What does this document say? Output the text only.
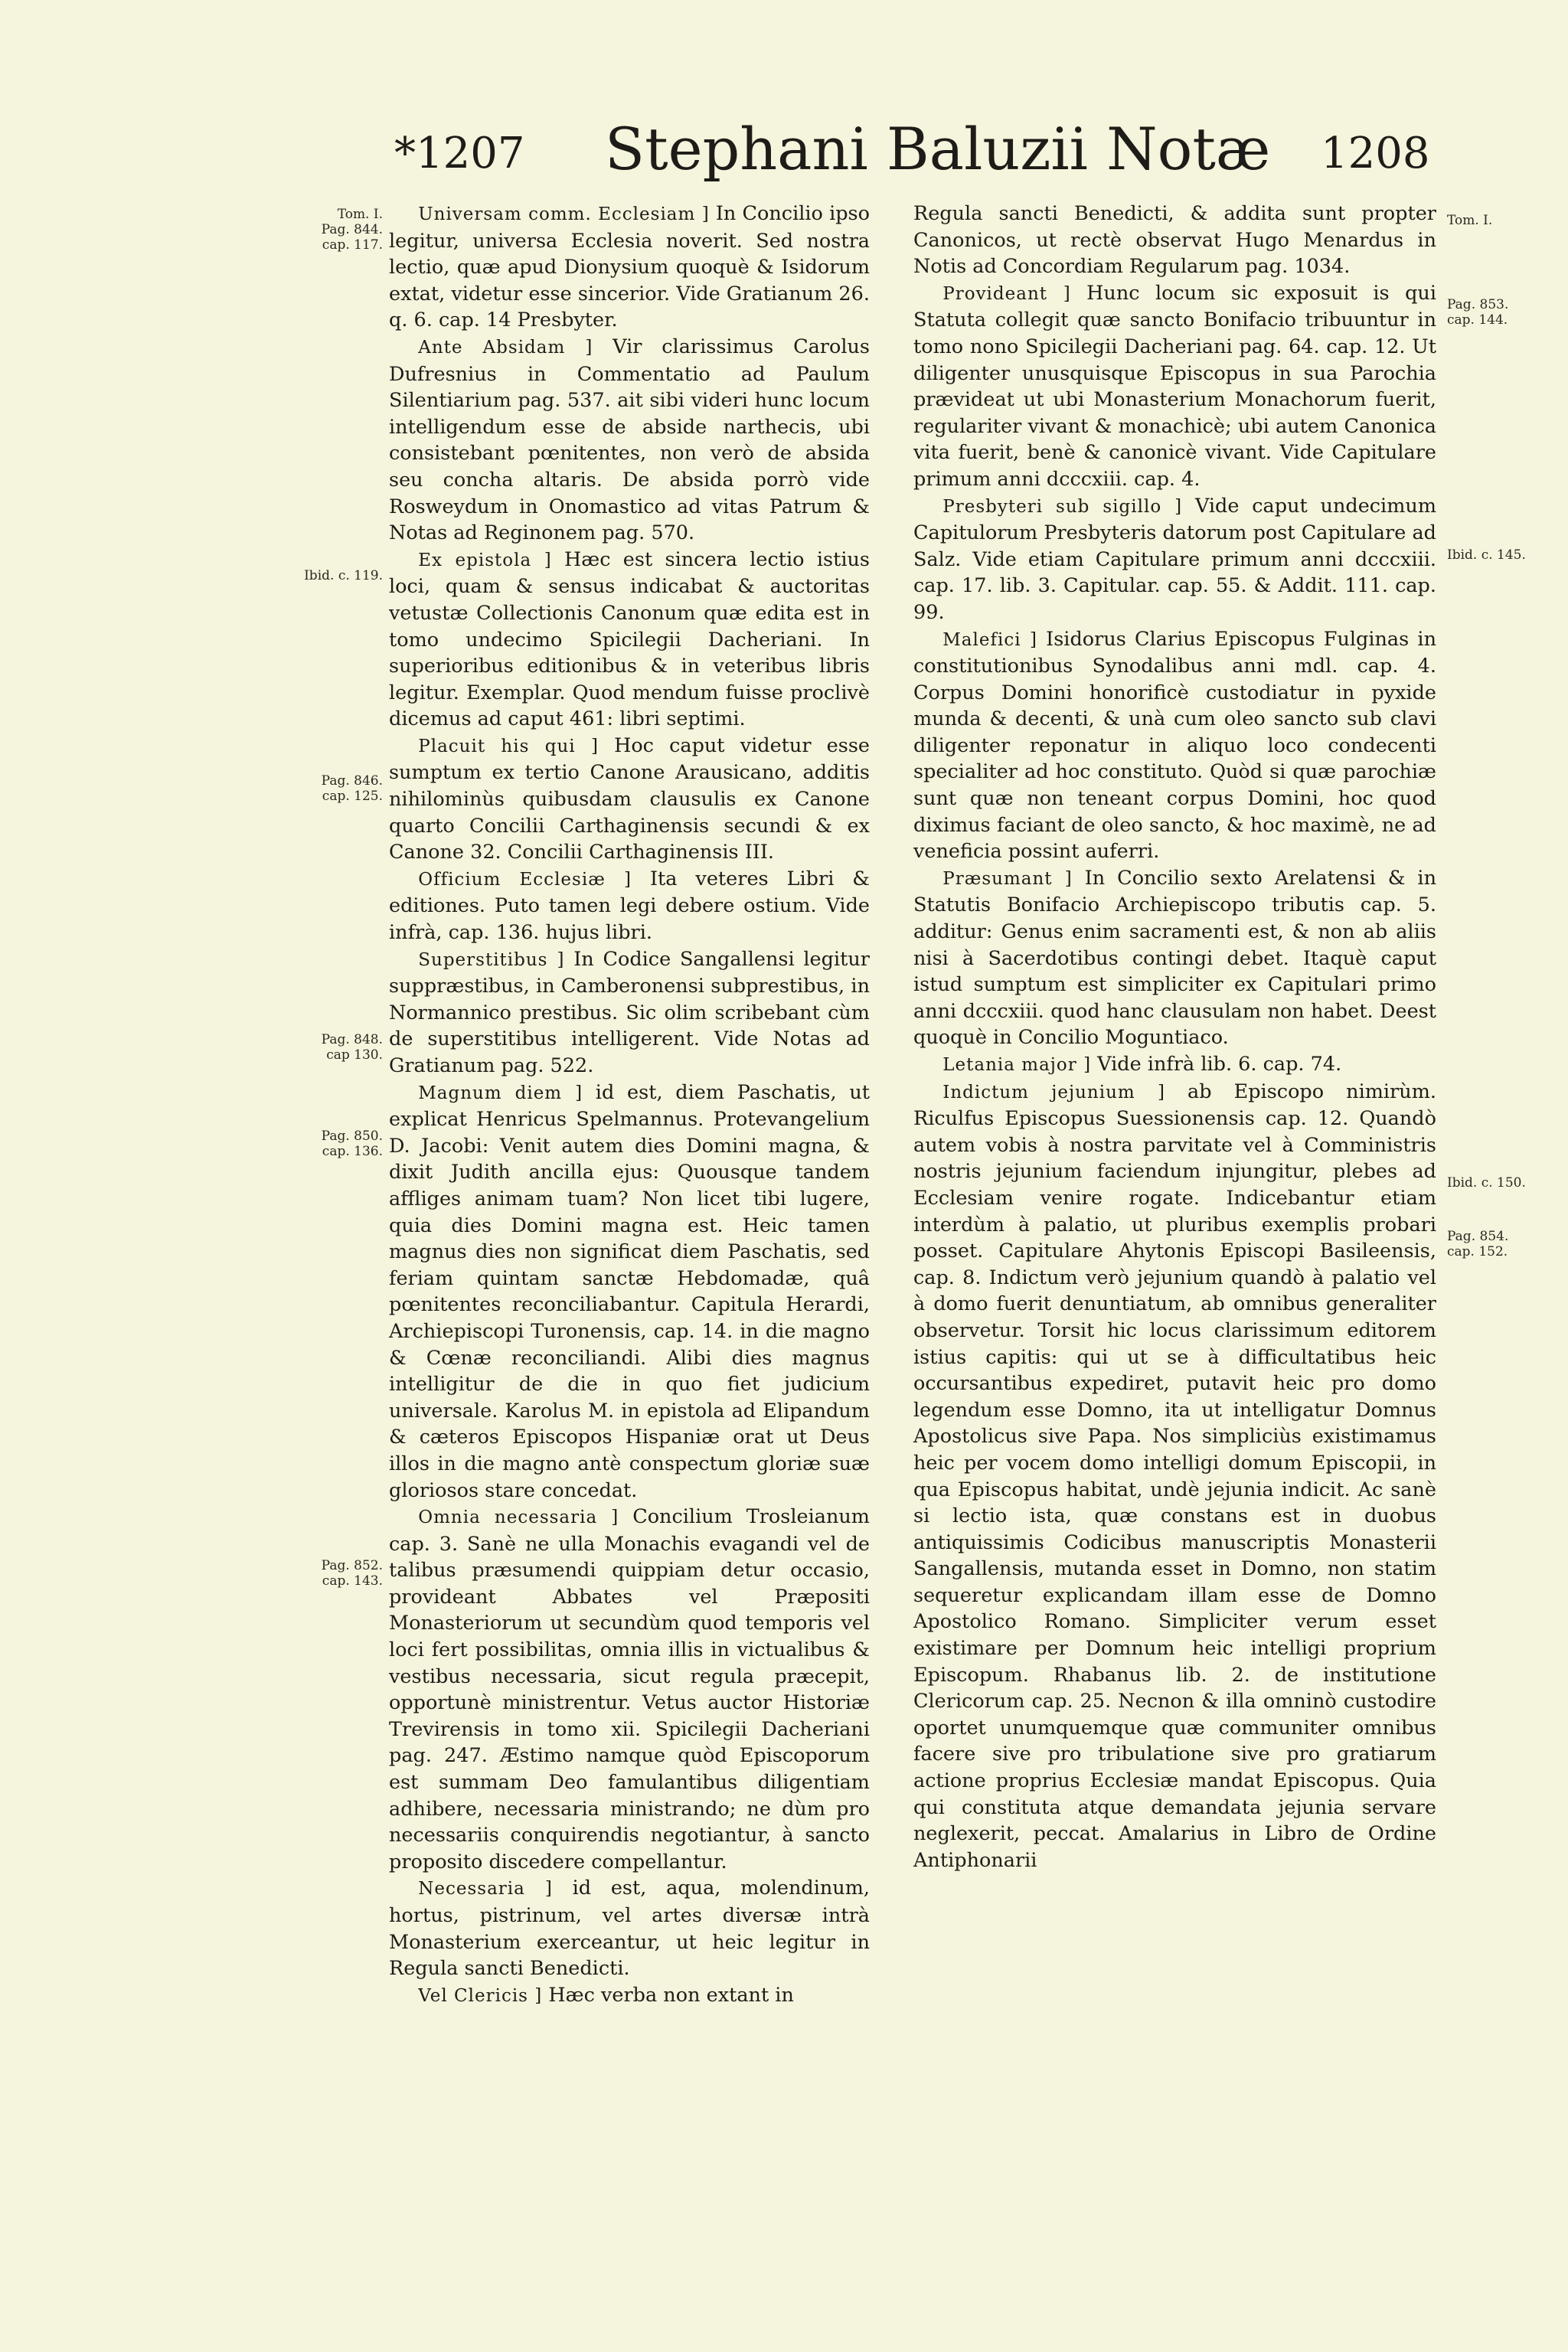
*1207 Stephani Baluzii Notæ 1208
Tom. I.
Pag. 844.
cap. 117.
Ibid. c. 119.
Pag. 846.
cap. 125.
Pag. 848.
cap 130.
Pag. 850.
cap. 136.
Pag. 852.
cap. 143.
Tom. I.
Pag. 853.
cap. 144.
Ibid. c. 145.
Ibid. c. 150.
Pag. 854.
cap. 152.

Universam comm. Ecclesiam ] In Concilio ipso legitur, universa Ecclesia noverit. Sed nostra lectio, quæ apud Dionysium quoquè & Isidorum extat, videtur esse sincerior. Vide Gratianum 26. q. 6. cap. 14 Presbyter.

Ante Absidam ] Vir clarissimus Carolus Dufresnius in Commentatio ad Paulum Silentiarium pag. 537. ait sibi videri hunc locum intelligendum esse de abside narthecis, ubi consistebant pœnitentes, non verò de absida seu concha altaris. De absida porrò vide Rosweydum in Onomastico ad vitas Patrum & Notas ad Reginonem pag. 570.

Ex epistola ] Hæc est sincera lectio istius loci, quam & sensus indicabat & auctoritas vetustæ Collectionis Canonum quæ edita est in tomo undecimo Spicilegii Dacheriani. In superioribus editionibus & in veteribus libris legitur. Exemplar. Quod mendum fuisse proclivè dicemus ad caput 461: libri septimi.

Placuit his qui ] Hoc caput videtur esse sumptum ex tertio Canone Arausicano, additis nihilominùs quibusdam clausulis ex Canone quarto Concilii Carthaginensis secundi & ex Canone 32. Concilii Carthaginensis III.

Officium Ecclesiæ ] Ita veteres Libri & editiones. Puto tamen legi debere ostium. Vide infrà, cap. 136. hujus libri.

Superstitibus ] In Codice Sangallensi legitur suppræstibus, in Camberonensi subprestibus, in Normannico prestibus. Sic olim scribebant cùm de superstitibus intelligerent. Vide Notas ad Gratianum pag. 522.

Magnum diem ] id est, diem Paschatis, ut explicat Henricus Spelmannus. Protevangelium D. Jacobi: Venit autem dies Domini magna, & dixit Judith ancilla ejus: Quousque tandem affliges animam tuam? Non licet tibi lugere, quia dies Domini magna est. Heic tamen magnus dies non significat diem Paschatis, sed feriam quintam sanctæ Hebdomadæ, quâ pœnitentes reconciliabantur. Capitula Herardi, Archiepiscopi Turonensis, cap. 14. in die magno & Cœnæ reconciliandi. Alibi dies magnus intelligitur de die in quo fiet judicium universale. Karolus M. in epistola ad Elipandum & cæteros Episcopos Hispaniæ orat ut Deus illos in die magno antè conspectum gloriæ suæ gloriosos stare concedat.

Omnia necessaria ] Concilium Trosleianum cap. 3. Sanè ne ulla Monachis evagandi vel de talibus præsumendi quippiam detur occasio, provideant Abbates vel Præpositi Monasteriorum ut secundùm quod temporis vel loci fert possibilitas, omnia illis in victualibus & vestibus necessaria, sicut regula præcepit, opportunè ministrentur. Vetus auctor Historiæ Trevirensis in tomo xii. Spicilegii Dacheriani pag. 247. Æstimo namque quòd Episcoporum est summam Deo famulantibus diligentiam adhibere, necessaria ministrando; ne dùm pro necessariis conquirendis negotiantur, à sancto proposito discedere compellantur.

Necessaria ] id est, aqua, molendinum, hortus, pistrinum, vel artes diversæ intrà Monasterium exerceantur, ut heic legitur in Regula sancti Benedicti.

Vel Clericis ] Hæc verba non extant in

Regula sancti Benedicti, & addita sunt propter Canonicos, ut rectè observat Hugo Menardus in Notis ad Concordiam Regularum pag. 1034.

Provideant ] Hunc locum sic exposuit is qui Statuta collegit quæ sancto Bonifacio tribuuntur in tomo nono Spicilegii Dacheriani pag. 64. cap. 12. Ut diligenter unusquisque Episcopus in sua Parochia prævideat ut ubi Monasterium Monachorum fuerit, regulariter vivant & monachicè; ubi autem Canonica vita fuerit, benè & canonicè vivant. Vide Capitulare primum anni dcccxiii. cap. 4.

Presbyteri sub sigillo ] Vide caput undecimum Capitulorum Presbyteris datorum post Capitulare ad Salz. Vide etiam Capitulare primum anni dcccxiii. cap. 17. lib. 3. Capitular. cap. 55. & Addit. 111. cap. 99.

Malefici ] Isidorus Clarius Episcopus Fulginas in constitutionibus Synodalibus anni mdl. cap. 4. Corpus Domini honorificè custodiatur in pyxide munda & decenti, & unà cum oleo sancto sub clavi diligenter reponatur in aliquo loco condecenti specialiter ad hoc constituto. Quòd si quæ parochiæ sunt quæ non teneant corpus Domini, hoc quod diximus faciant de oleo sancto, & hoc maximè, ne ad veneficia possint auferri.

Præsumant ] In Concilio sexto Arelatensi & in Statutis Bonifacio Archiepiscopo tributis cap. 5. additur: Genus enim sacramenti est, & non ab aliis nisi à Sacerdotibus contingi debet. Itaquè caput istud sumptum est simpliciter ex Capitulari primo anni dcccxiii. quod hanc clausulam non habet. Deest quoquè in Concilio Moguntiaco.

Letania major ] Vide infrà lib. 6. cap. 74.

Indictum jejunium ] ab Episcopo nimirùm. Riculfus Episcopus Suessionensis cap. 12. Quandò autem vobis à nostra parvitate vel à Comministris nostris jejunium faciendum injungitur, plebes ad Ecclesiam venire rogate. Indicebantur etiam interdùm à palatio, ut pluribus exemplis probari posset. Capitulare Ahytonis Episcopi Basileensis, cap. 8. Indictum verò jejunium quandò à palatio vel à domo fuerit denuntiatum, ab omnibus generaliter observetur. Torsit hic locus clarissimum editorem istius capitis: qui ut se à difficultatibus heic occursantibus expediret, putavit heic pro domo legendum esse Domno, ita ut intelligatur Domnus Apostolicus sive Papa. Nos simpliciùs existimamus heic per vocem domo intelligi domum Episcopii, in qua Episcopus habitat, undè jejunia indicit. Ac sanè si lectio ista, quæ constans est in duobus antiquissimis Codicibus manuscriptis Monasterii Sangallensis, mutanda esset in Domno, non statim sequeretur explicandam illam esse de Domno Apostolico Romano. Simpliciter verum esset existimare per Domnum heic intelligi proprium Episcopum. Rhabanus lib. 2. de institutione Clericorum cap. 25. Necnon & illa omninò custodire oportet unumquemque quæ communiter omnibus facere sive pro tribulatione sive pro gratiarum actione proprius Ecclesiæ mandat Episcopus. Quia qui constituta atque demandata jejunia servare neglexerit, peccat. Amalarius in Libro de Ordine Antiphonarii
